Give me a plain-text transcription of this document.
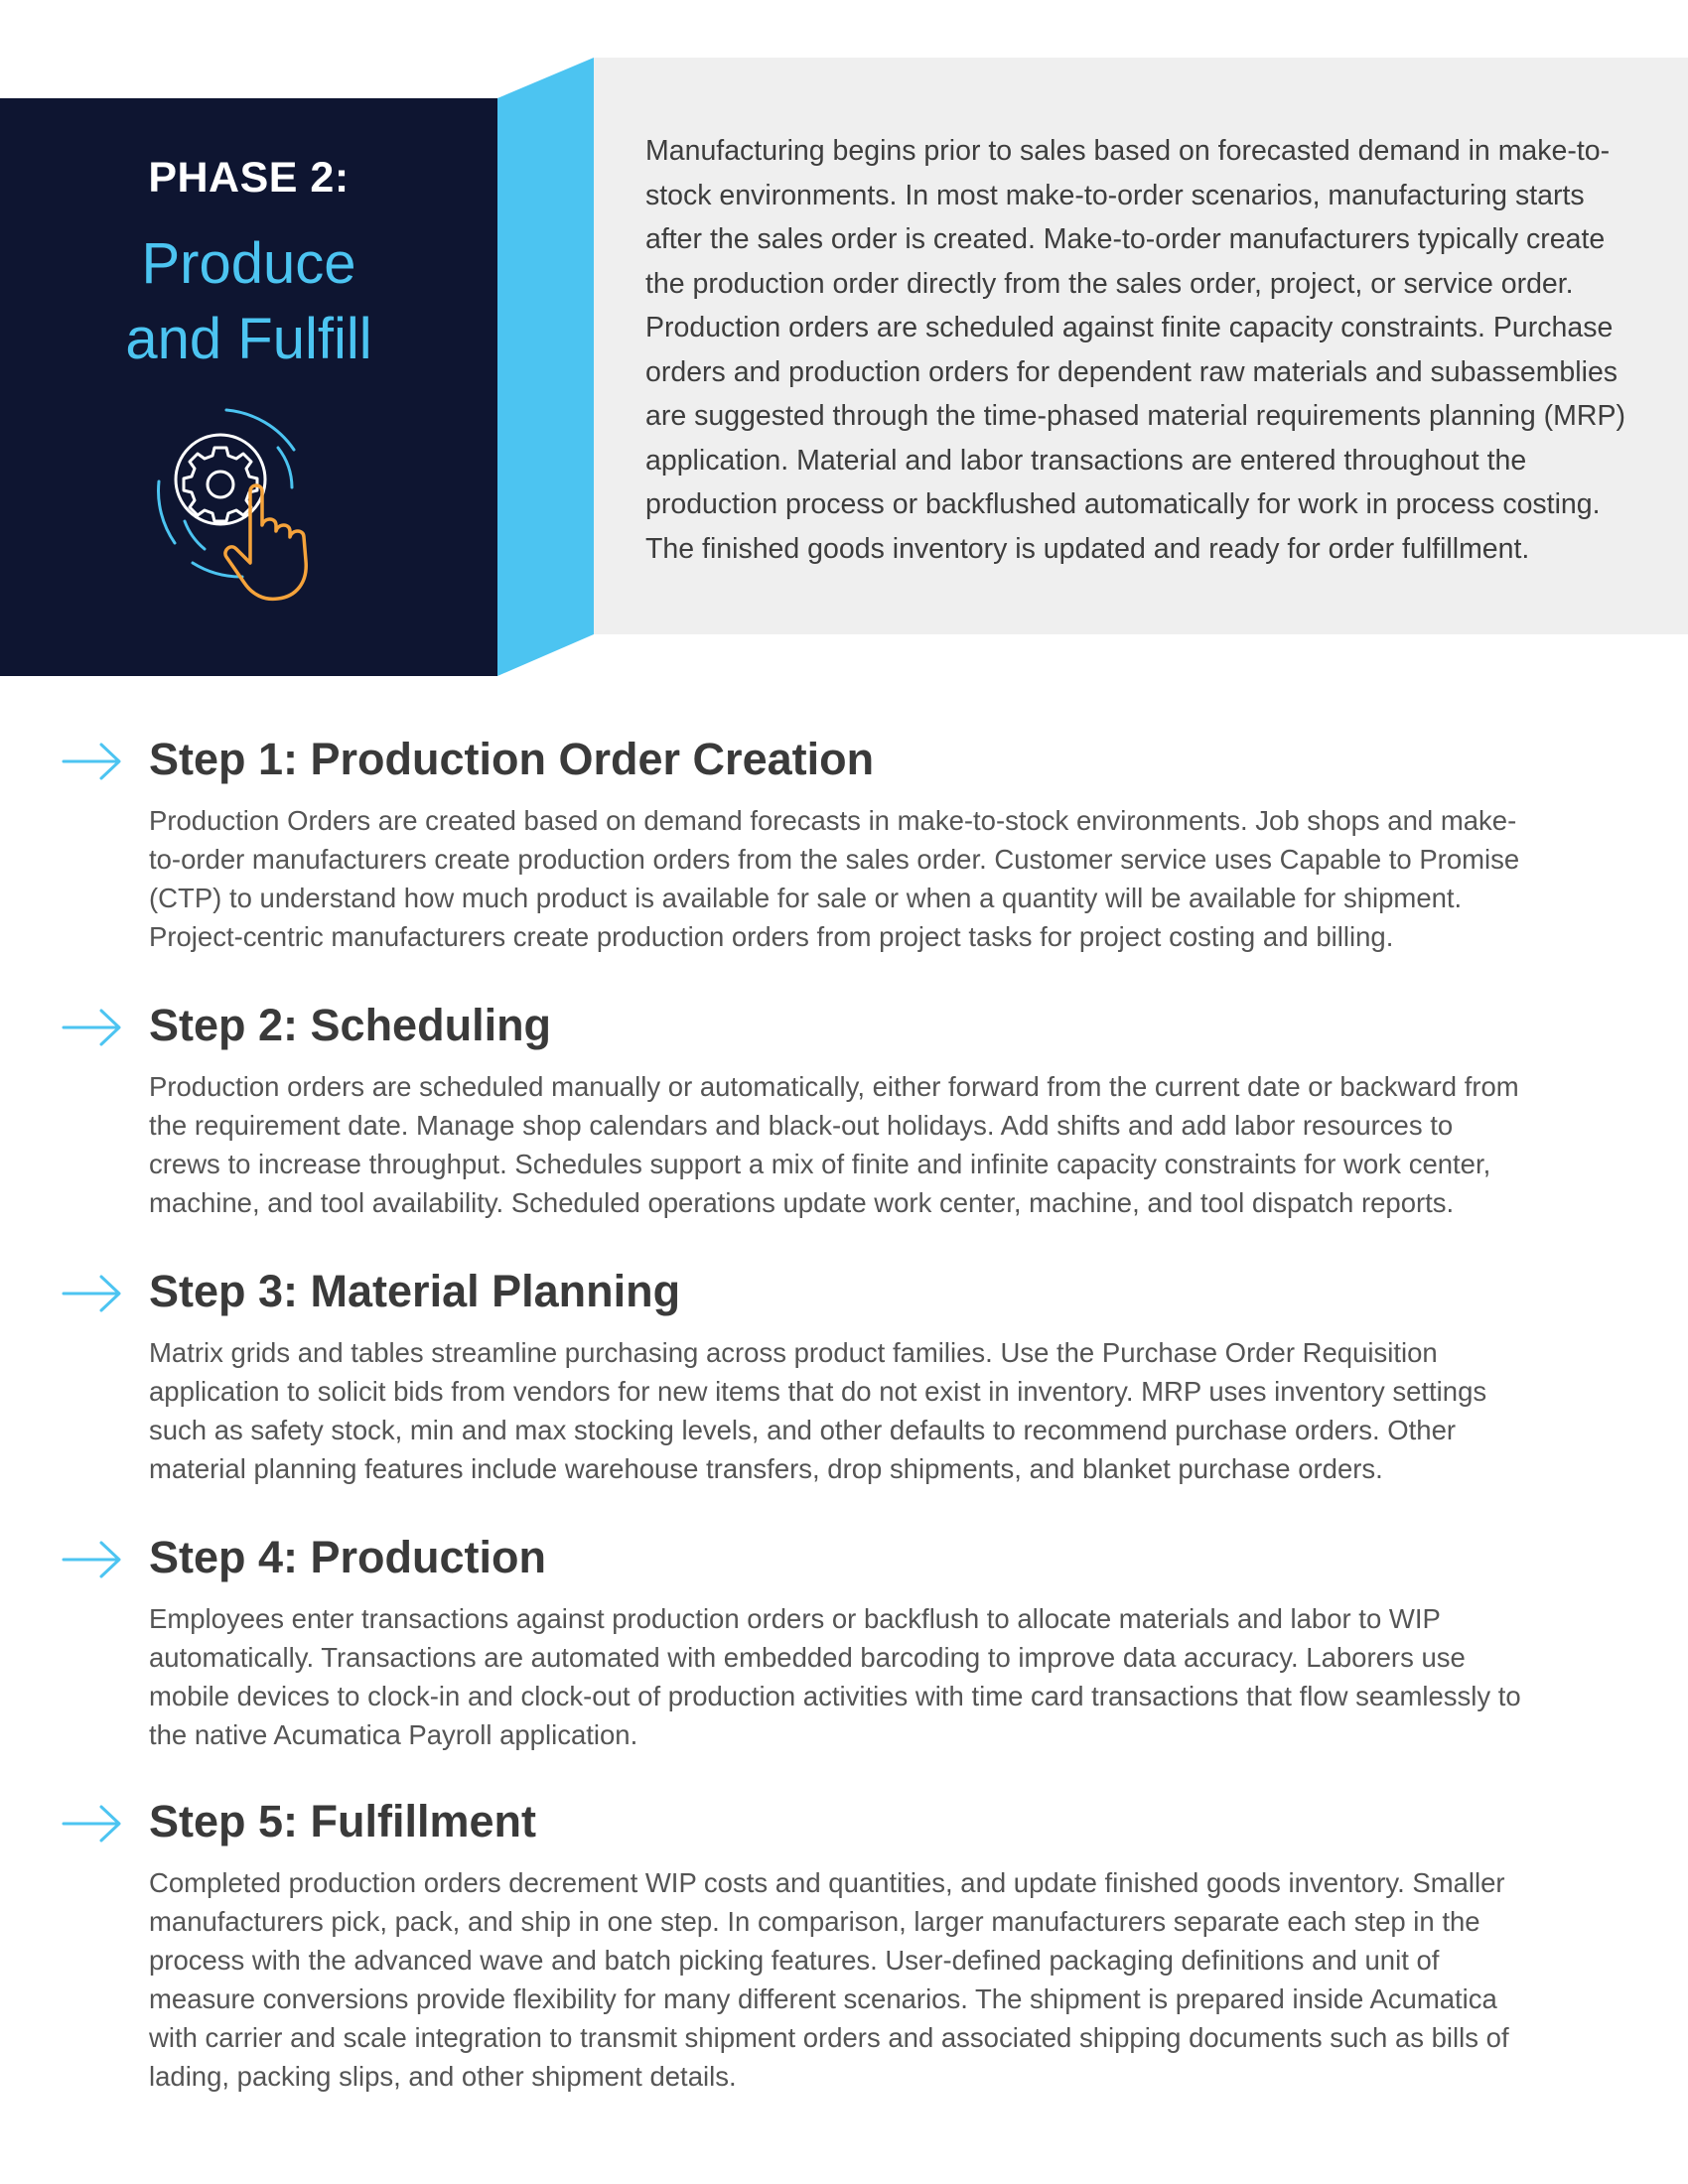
PHASE 2:
Produce
and Fulfill

Manufacturing begins prior to sales based on forecasted demand in make-to-stock environments. In most make-to-order scenarios, manufacturing starts after the sales order is created. Make-to-order manufacturers typically create the production order directly from the sales order, project, or service order. Production orders are scheduled against finite capacity constraints. Purchase orders and production orders for dependent raw materials and subassemblies are suggested through the time-phased material requirements planning (MRP) application. Material and labor transactions are entered throughout the production process or backflushed automatically for work in process costing. The finished goods inventory is updated and ready for order fulfillment.

Step 1: Production Order Creation

Production Orders are created based on demand forecasts in make-to-stock environments. Job shops and make-to-order manufacturers create production orders from the sales order. Customer service uses Capable to Promise (CTP) to understand how much product is available for sale or when a quantity will be available for shipment. Project-centric manufacturers create production orders from project tasks for project costing and billing.

Step 2: Scheduling

Production orders are scheduled manually or automatically, either forward from the current date or backward from the requirement date. Manage shop calendars and black-out holidays. Add shifts and add labor resources to crews to increase throughput. Schedules support a mix of finite and infinite capacity constraints for work center, machine, and tool availability. Scheduled operations update work center, machine, and tool dispatch reports.

Step 3: Material Planning

Matrix grids and tables streamline purchasing across product families. Use the Purchase Order Requisition application to solicit bids from vendors for new items that do not exist in inventory. MRP uses inventory settings such as safety stock, min and max stocking levels, and other defaults to recommend purchase orders. Other material planning features include warehouse transfers, drop shipments, and blanket purchase orders.

Step 4: Production

Employees enter transactions against production orders or backflush to allocate materials and labor to WIP automatically. Transactions are automated with embedded barcoding to improve data accuracy. Laborers use mobile devices to clock-in and clock-out of production activities with time card transactions that flow seamlessly to the native Acumatica Payroll application.

Step 5: Fulfillment

Completed production orders decrement WIP costs and quantities, and update finished goods inventory. Smaller manufacturers pick, pack, and ship in one step. In comparison, larger manufacturers separate each step in the process with the advanced wave and batch picking features. User-defined packaging definitions and unit of measure conversions provide flexibility for many different scenarios. The shipment is prepared inside Acumatica with carrier and scale integration to transmit shipment orders and associated shipping documents such as bills of lading, packing slips, and other shipment details.
